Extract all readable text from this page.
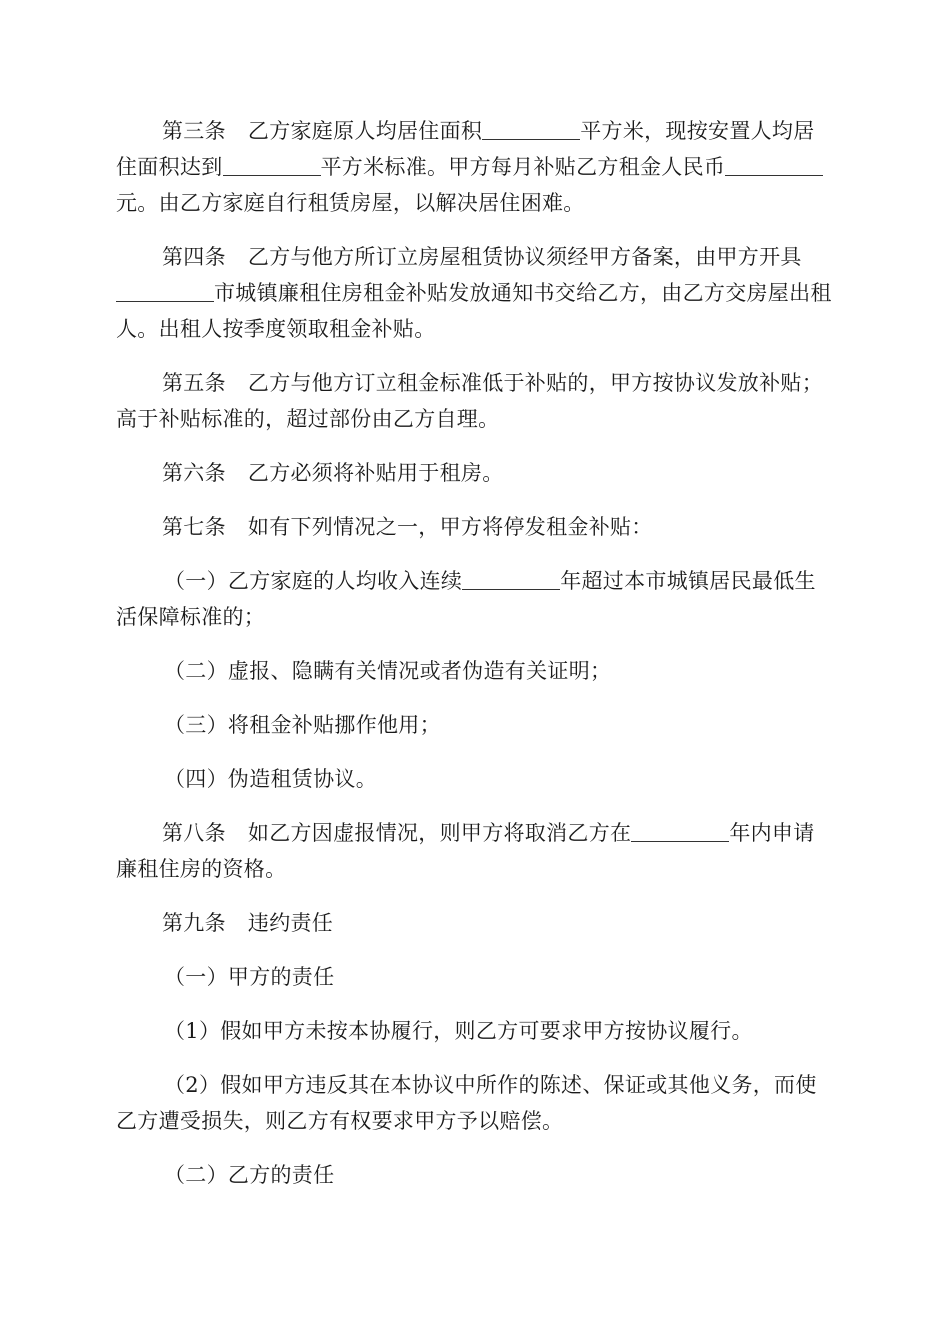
第三条 乙方家庭原人均居住面积	平方米，现按安置人均居住面积达到	平方米标准。甲方每月补贴乙方租金人民币元。由乙方家庭自行租赁房屋，以解决居住困难。

第四条 乙方与他方所订立房屋租赁协议须经甲方备案，由甲方开具市城镇廉租住房租金补贴发放通知书交给乙方，由乙方交房屋出租人。出租人按季度领取租金补贴。

第五条 乙方与他方订立租金标准低于补贴的，甲方按协议发放补贴；高于补贴标准的，超过部份由乙方自理。

第六条 乙方必须将补贴用于租房。

第七条 如有下列情况之一，甲方将停发租金补贴：

（一）乙方家庭的人均收入连续	年超过本市城镇居民最低生活保障标准的；

（二）虚报、隐瞒有关情况或者伪造有关证明；

（三）将租金补贴挪作他用；

（四）伪造租赁协议。

第八条 如乙方因虚报情况，则甲方将取消乙方在	年内申请廉租住房的资格。

第九条 违约责任

（一）甲方的责任

（1）假如甲方未按本协履行，则乙方可要求甲方按协议履行。

（2）假如甲方违反其在本协议中所作的陈述、保证或其他义务，而使乙方遭受损失，则乙方有权要求甲方予以赔偿。

（二）乙方的责任
